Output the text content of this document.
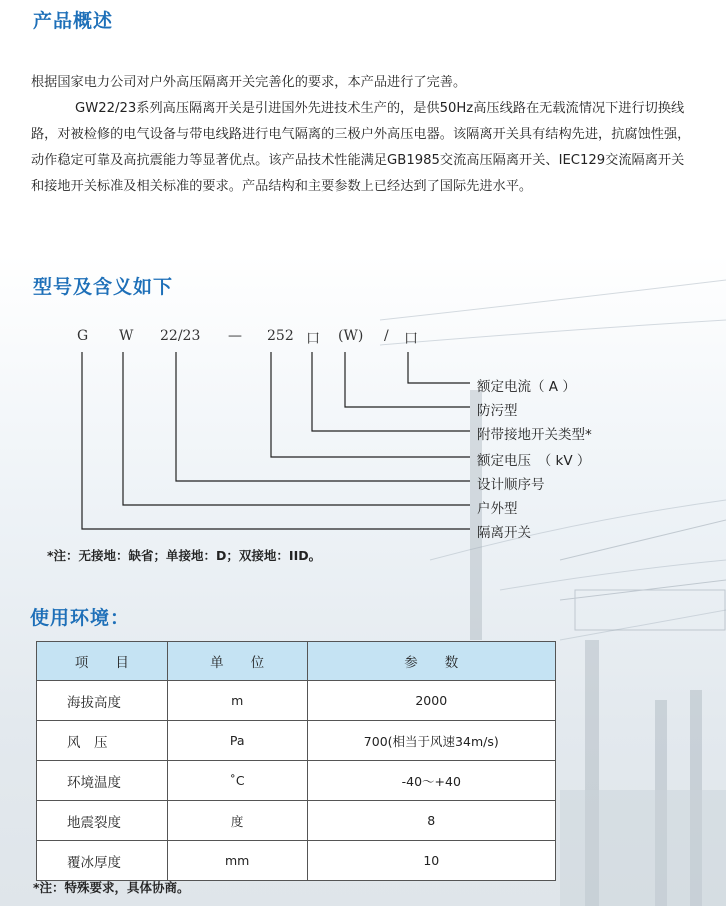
产品概述
根据国家电力公司对户外高压隔离开关完善化的要求，本产品进行了完善。
GW22/23系列高压隔离开关是引进国外先进技术生产的，是供50Hz高压线路在无载流情况下进行切换线路，对被检修的电气设备与带电线路进行电气隔离的三极户外高压电器。该隔离开关具有结构先进，抗腐蚀性强，动作稳定可靠及高抗震能力等显著优点。该产品技术性能满足GB1985交流高压隔离开关、IEC129交流隔离开关和接地开关标准及相关标准的要求。产品结构和主要参数上已经达到了国际先进水平。
型号及含义如下
G W 22/23 — 252 口 (W) / 口
额定电流（ A ）
防污型
附带接地开关类型*
额定电压　（ kV ）
设计顺序号
户外型
隔离开关
*注：无接地：缺省；单接地：D；双接地：IID。
使用环境：
项　　目	单　　位	参　　数
海拔高度	m	2000
风　压	Pa	700(相当于风速34m/s)
环境温度	˚C	-40～+40
地震裂度	度	8
覆冰厚度	mm	10
*注：特殊要求，具体协商。
